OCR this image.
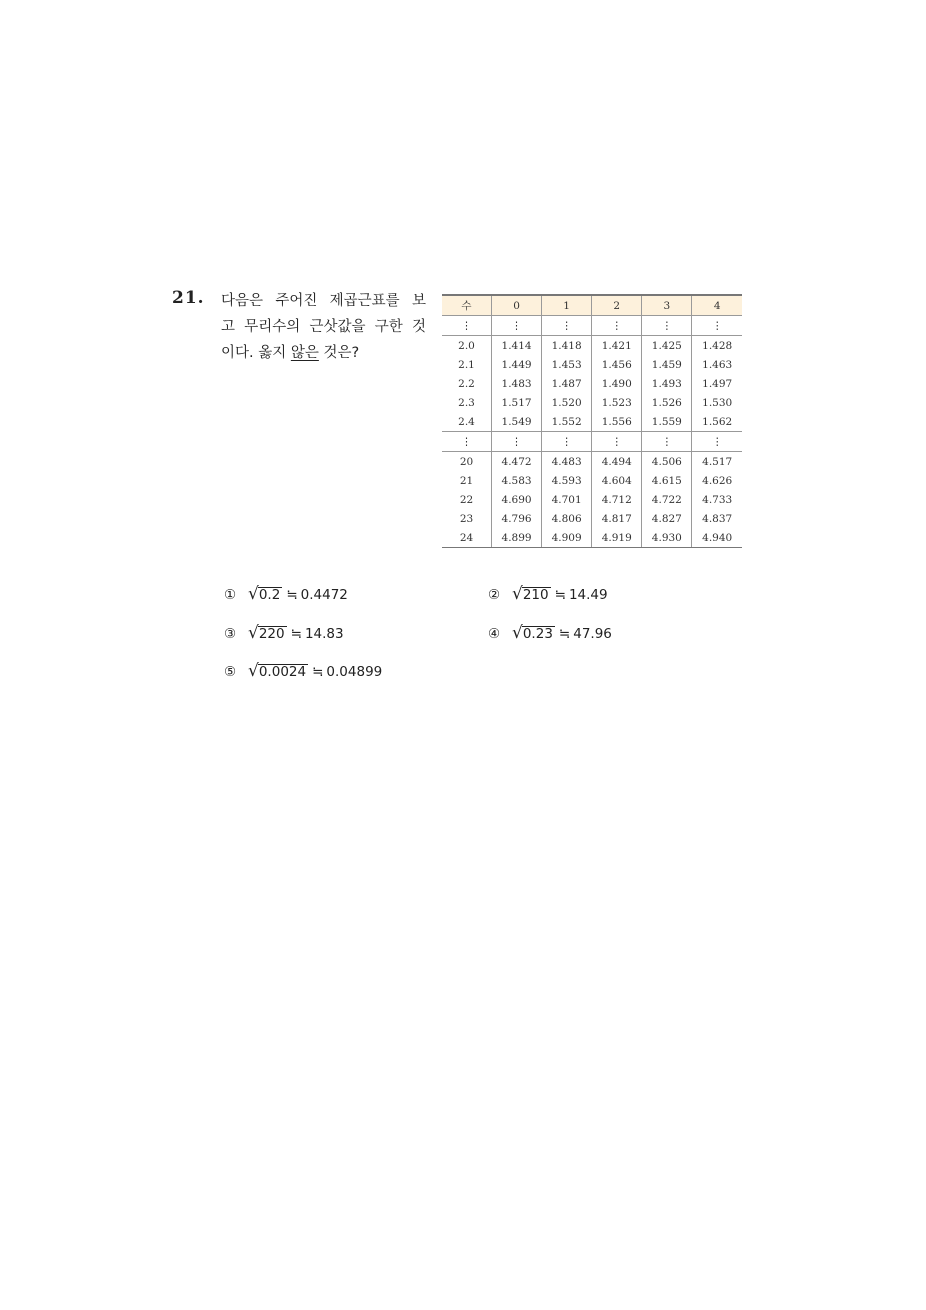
21. 다음은 주어진 제곱근표를 보
고 무리수의 근삿값을 구한 것
이다. 옳지 않은 것은?
수	0	1	2	3	4
⋮	⋮	⋮	⋮	⋮	⋮
2.0	1.414	1.418	1.421	1.425	1.428
2.1	1.449	1.453	1.456	1.459	1.463
2.2	1.483	1.487	1.490	1.493	1.497
2.3	1.517	1.520	1.523	1.526	1.530
2.4	1.549	1.552	1.556	1.559	1.562
⋮	⋮	⋮	⋮	⋮	⋮
20	4.472	4.483	4.494	4.506	4.517
21	4.583	4.593	4.604	4.615	4.626
22	4.690	4.701	4.712	4.722	4.733
23	4.796	4.806	4.817	4.827	4.837
24	4.899	4.909	4.919	4.930	4.940
① √ 0.2 ≒ 0.4472	② √ 210 ≒ 14.49
③ √ 220 ≒ 14.83	④ √ 0.23 ≒ 47.96
⑤ √ 0.0024 ≒ 0.04899
